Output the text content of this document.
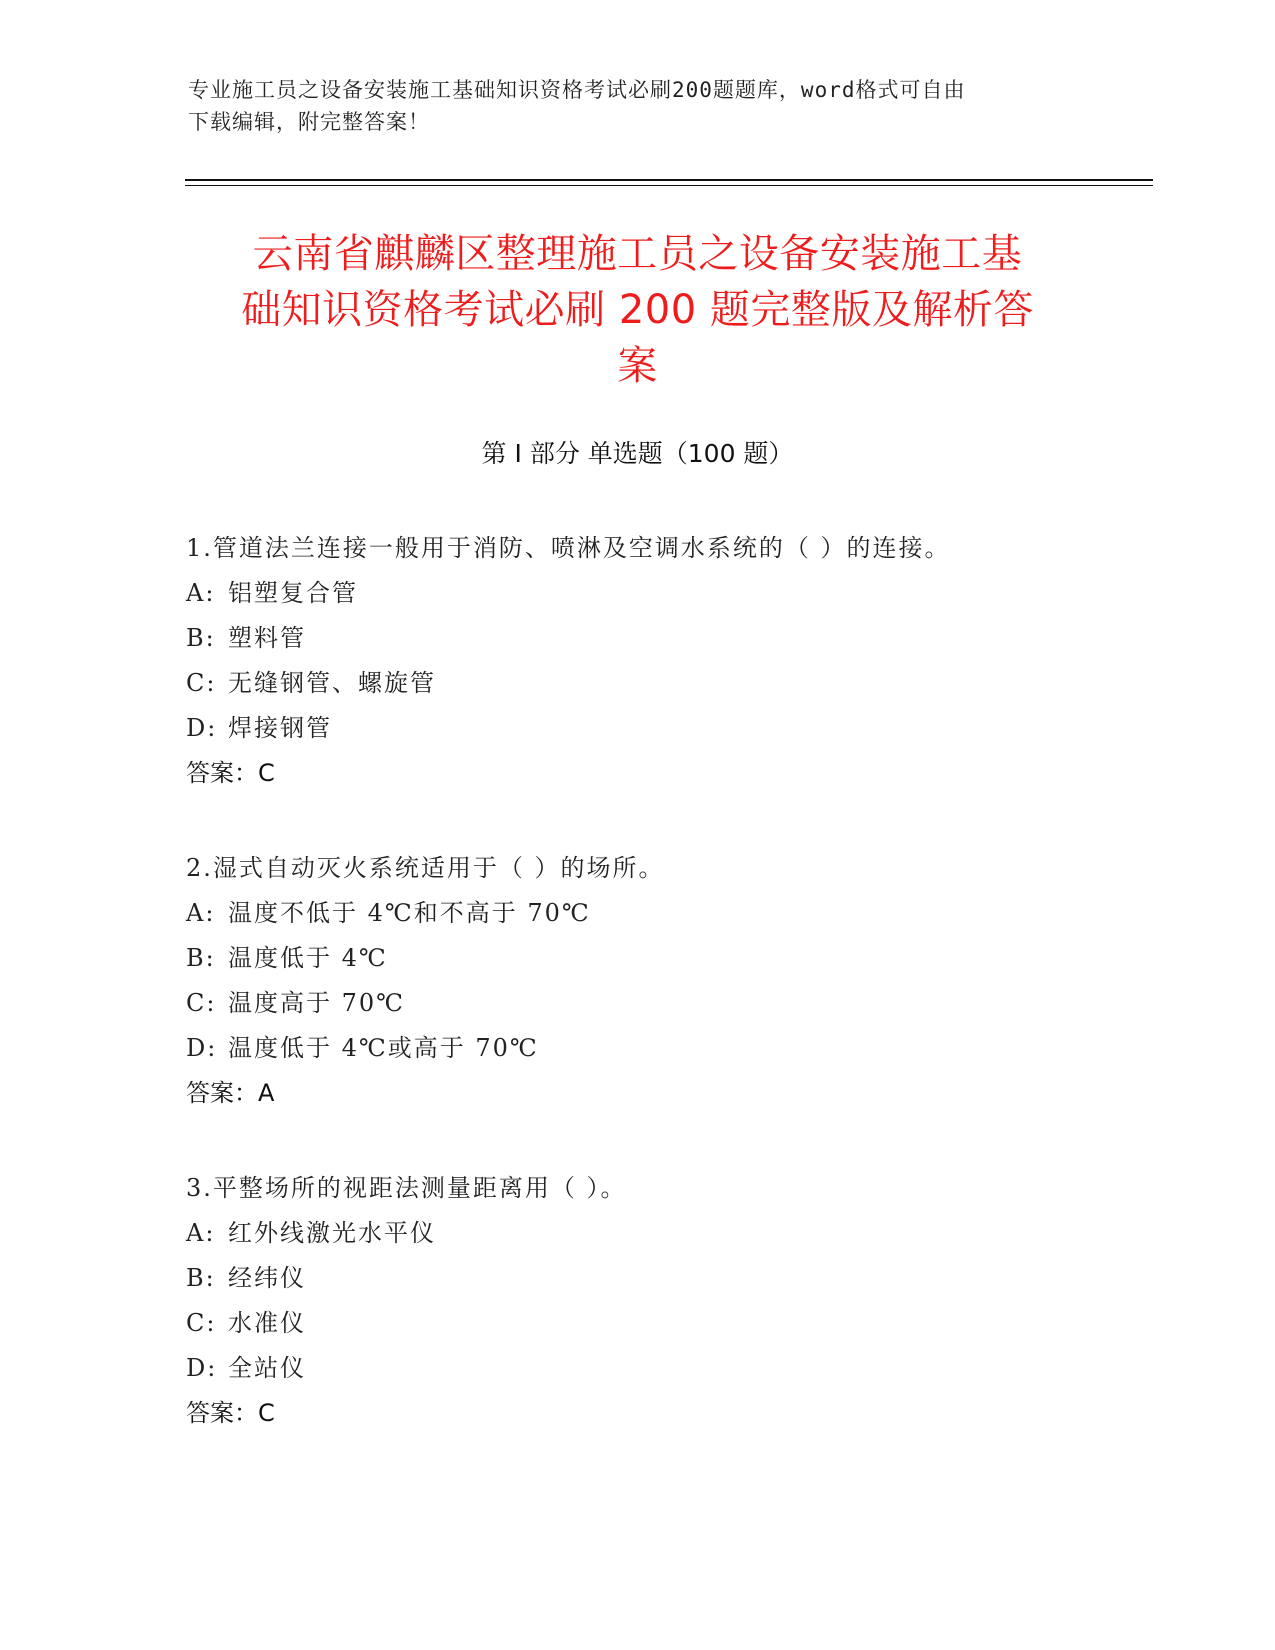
专业施工员之设备安装施工基础知识资格考试必刷200题题库，word格式可自由
下载编辑，附完整答案！
云南省麒麟区整理施工员之设备安装施工基
础知识资格考试必刷 200 题完整版及解析答
案
第 I 部分 单选题（100 题）
1.管道法兰连接一般用于消防、喷淋及空调水系统的（ ）的连接。
A: 铝塑复合管
B: 塑料管
C: 无缝钢管、螺旋管
D: 焊接钢管
答案：C
2.湿式自动灭火系统适用于（ ）的场所。
A: 温度不低于 4℃和不高于 70℃
B: 温度低于 4℃
C: 温度高于 70℃
D: 温度低于 4℃或高于 70℃
答案：A
3.平整场所的视距法测量距离用（ ）。
A: 红外线激光水平仪
B: 经纬仪
C: 水准仪
D: 全站仪
答案：C
